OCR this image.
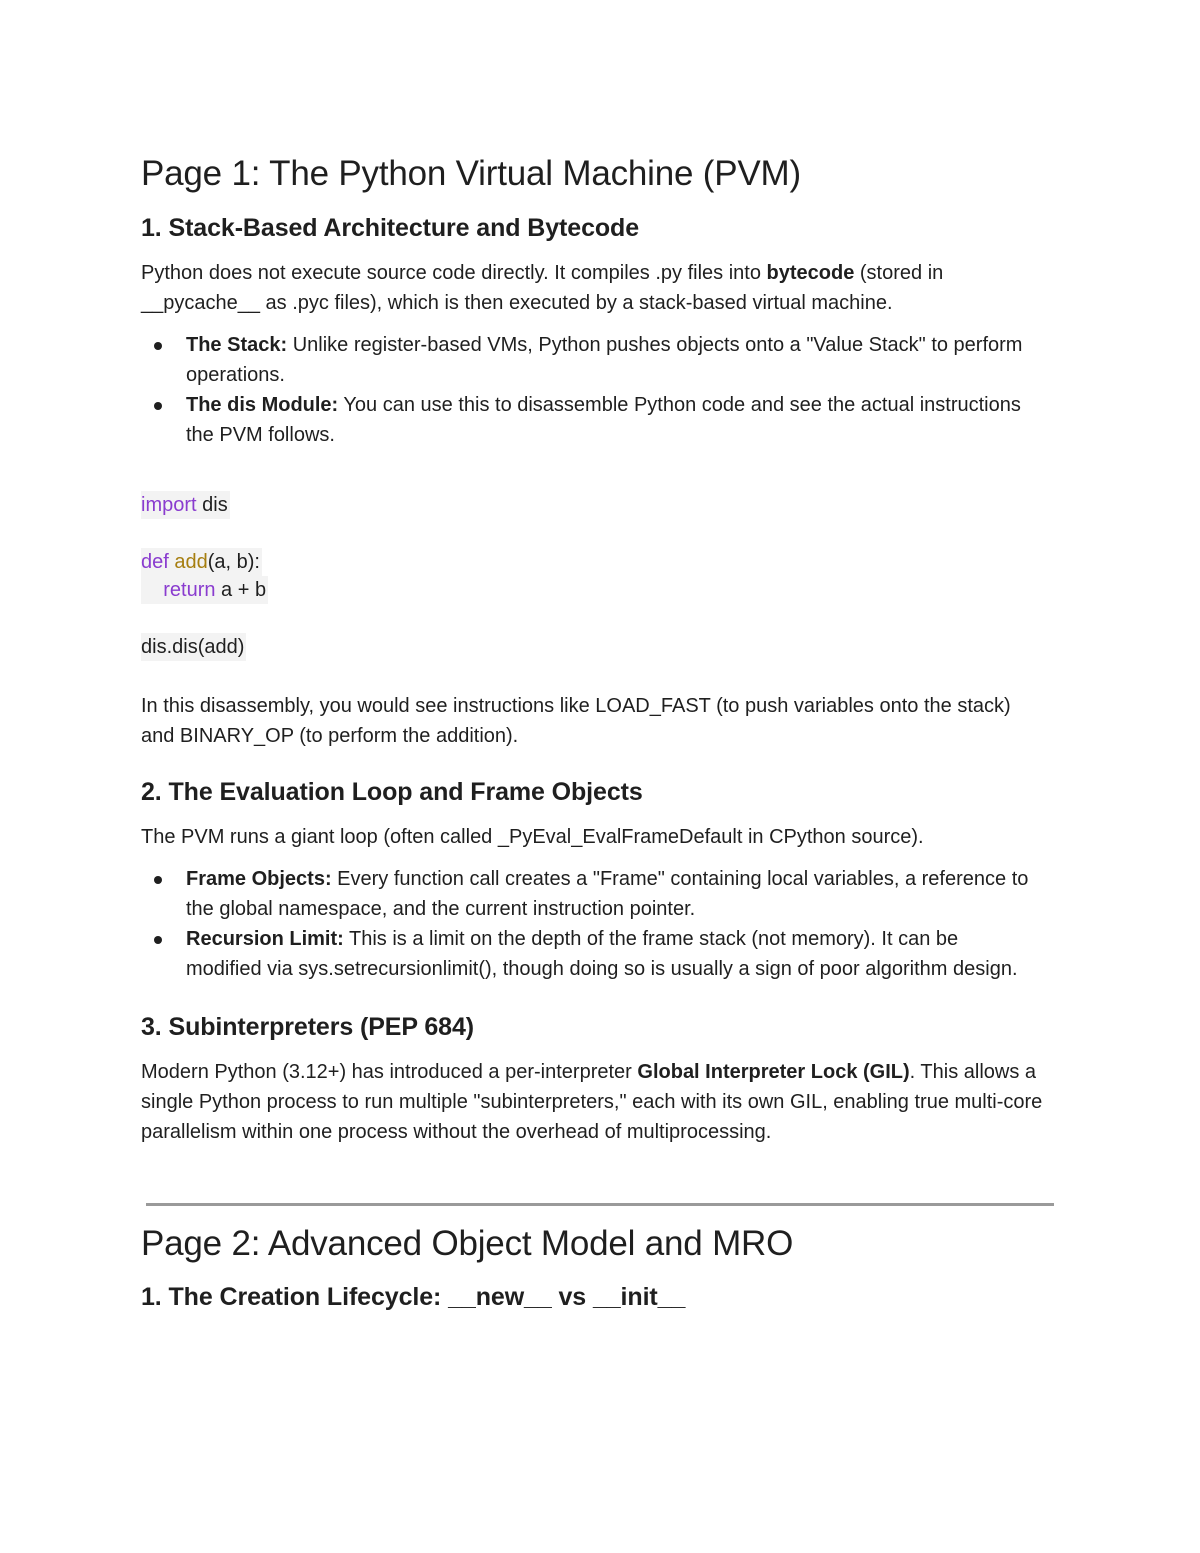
Page 1: The Python Virtual Machine (PVM)
1. Stack-Based Architecture and Bytecode

Python does not execute source code directly. It compiles .py files into bytecode (stored in __pycache__ as .pyc files), which is then executed by a stack-based virtual machine.

The Stack: Unlike register-based VMs, Python pushes objects onto a "Value Stack" to perform operations.
The dis Module: You can use this to disassemble Python code and see the actual instructions the PVM follows.
import dis
def add(a, b):
return a + b
dis.dis(add)

In this disassembly, you would see instructions like LOAD_FAST (to push variables onto the stack) and BINARY_OP (to perform the addition).

2. The Evaluation Loop and Frame Objects

The PVM runs a giant loop (often called _PyEval_EvalFrameDefault in CPython source).

Frame Objects: Every function call creates a "Frame" containing local variables, a reference to the global namespace, and the current instruction pointer.
Recursion Limit: This is a limit on the depth of the frame stack (not memory). It can be modified via sys.setrecursionlimit(), though doing so is usually a sign of poor algorithm design.
3. Subinterpreters (PEP 684)

Modern Python (3.12+) has introduced a per-interpreter Global Interpreter Lock (GIL). This allows a single Python process to run multiple "subinterpreters," each with its own GIL, enabling true multi-core parallelism within one process without the overhead of multiprocessing.

Page 2: Advanced Object Model and MRO
1. The Creation Lifecycle: __new__ vs __init__
